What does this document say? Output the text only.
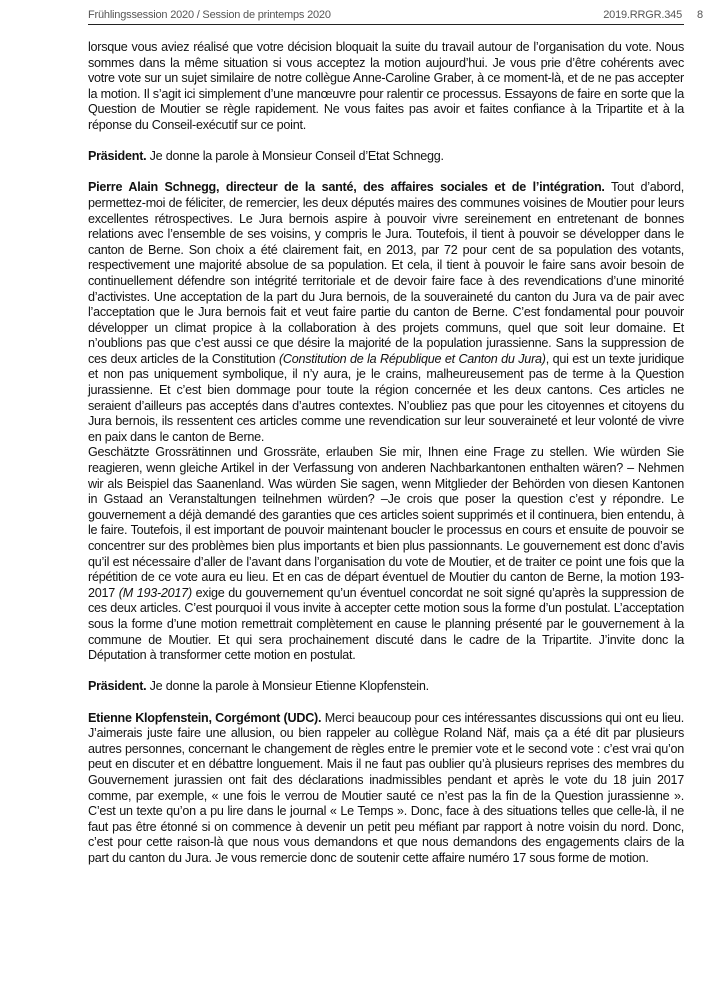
Frühlingssession 2020 / Session de printemps 2020	2019.RRGR.345 8

lorsque vous aviez réalisé que votre décision bloquait la suite du travail autour de l’organisation du vote. Nous sommes dans la même situation si vous acceptez la motion aujourd’hui. Je vous prie d’être cohérents avec votre vote sur un sujet similaire de notre collègue Anne-Caroline Graber, à ce moment-là, et de ne pas accepter la motion. Il s’agit ici simplement d’une manœuvre pour ralentir ce processus. Essayons de faire en sorte que la Question de Moutier se règle rapidement. Ne vous faites pas avoir et faites confiance à la Tripartite et à la réponse du Conseil-exécutif sur ce point.

Präsident. Je donne la parole à Monsieur Conseil d’Etat Schnegg.

Pierre Alain Schnegg, directeur de la santé, des affaires sociales et de l’intégration. Tout d’abord, permettez-moi de féliciter, de remercier, les deux députés maires des communes voisines de Moutier pour leurs excellentes rétrospectives. Le Jura bernois aspire à pouvoir vivre sereinement en entretenant de bonnes relations avec l’ensemble de ses voisins, y compris le Jura. Toutefois, il tient à pouvoir se développer dans le canton de Berne. Son choix a été clairement fait, en 2013, par 72 pour cent de sa population des votants, respectivement une majorité absolue de sa population. Et cela, il tient à pouvoir le faire sans avoir besoin de continuellement défendre son intégrité territoriale et de devoir faire face à des revendications d’une minorité d’activistes. Une acceptation de la part du Jura bernois, de la souveraineté du canton du Jura va de pair avec l’acceptation que le Jura bernois fait et veut faire partie du canton de Berne. C’est fondamental pour pouvoir développer un climat propice à la collaboration à des projets communs, quel que soit leur domaine. Et n’oublions pas que c’est aussi ce que désire la majorité de la population jurassienne. Sans la suppression de ces deux articles de la Constitution (Constitution de la République et Canton du Jura), qui est un texte juridique et non pas uniquement symbolique, il n’y aura, je le crains, malheureusement pas de terme à la Question jurassienne. Et c’est bien dommage pour toute la région concernée et les deux cantons. Ces articles ne seraient d’ailleurs pas acceptés dans d’autres contextes. N’oubliez pas que pour les citoyennes et citoyens du Jura bernois, ils ressentent ces articles comme une revendication sur leur souveraineté et leur volonté de vivre en paix dans le canton de Berne.

Geschätzte Grossrätinnen und Grossräte, erlauben Sie mir, Ihnen eine Frage zu stellen. Wie würden Sie reagieren, wenn gleiche Artikel in der Verfassung von anderen Nachbarkantonen enthalten wären? – Nehmen wir als Beispiel das Saanenland. Was würden Sie sagen, wenn Mitglieder der Behörden von diesen Kantonen in Gstaad an Veranstaltungen teilnehmen würden? –Je crois que poser la question c’est y répondre. Le gouvernement a déjà demandé des garanties que ces articles soient supprimés et il continuera, bien entendu, à le faire. Toutefois, il est important de pouvoir maintenant boucler le processus en cours et ensuite de pouvoir se concentrer sur des problèmes bien plus importants et bien plus passionnants. Le gouvernement est donc d’avis qu’il est nécessaire d’aller de l’avant dans l’organisation du vote de Moutier, et de traiter ce point une fois que la répétition de ce vote aura eu lieu. Et en cas de départ éventuel de Moutier du canton de Berne, la motion 193-2017 (M 193-2017) exige du gouvernement qu’un éventuel concordat ne soit signé qu’après la suppression de ces deux articles. C’est pourquoi il vous invite à accepter cette motion sous la forme d’un postulat. L’acceptation sous la forme d’une motion remettrait complètement en cause le planning présenté par le gouvernement à la commune de Moutier. Et qui sera prochainement discuté dans le cadre de la Tripartite. J’invite donc la Députation à transformer cette motion en postulat.

Präsident. Je donne la parole à Monsieur Etienne Klopfenstein.

Etienne Klopfenstein, Corgémont (UDC). Merci beaucoup pour ces intéressantes discussions qui ont eu lieu. J’aimerais juste faire une allusion, ou bien rappeler au collègue Roland Näf, mais ça a été dit par plusieurs autres personnes, concernant le changement de règles entre le premier vote et le second vote : c’est vrai qu’on peut en discuter et en débattre longuement. Mais il ne faut pas oublier qu’à plusieurs reprises des membres du Gouvernement jurassien ont fait des déclarations inadmissibles pendant et après le vote du 18 juin 2017 comme, par exemple, « une fois le verrou de Moutier sauté ce n’est pas la fin de la Question jurassienne ». C’est un texte qu’on a pu lire dans le journal « Le Temps ». Donc, face à des situations telles que celle-là, il ne faut pas être étonné si on commence à devenir un petit peu méfiant par rapport à notre voisin du nord. Donc, c’est pour cette raison-là que nous vous demandons et que nous demandons des engagements clairs de la part du canton du Jura. Je vous remercie donc de soutenir cette affaire numéro 17 sous forme de motion.
